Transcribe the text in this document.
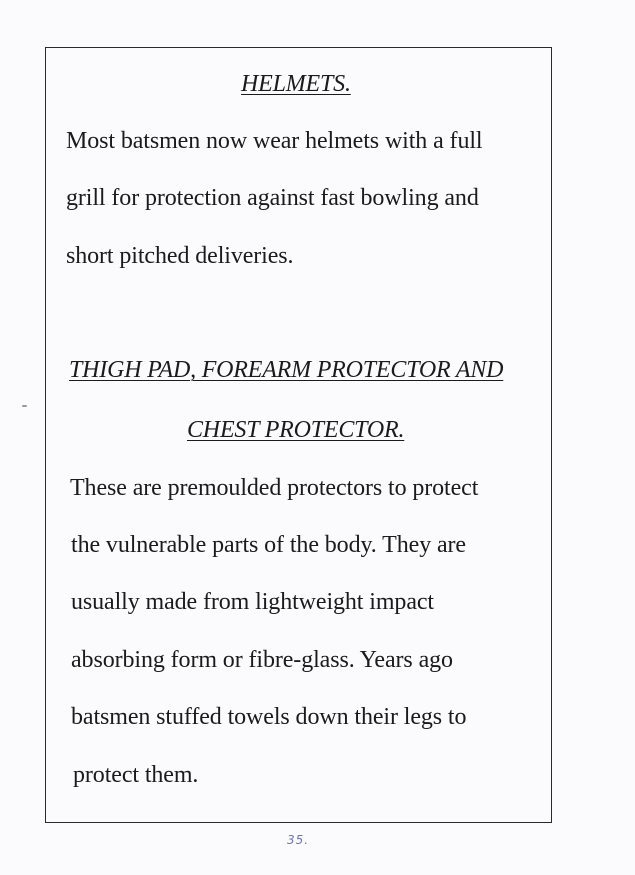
HELMETS.
Most batsmen now wear helmets with a full
grill for protection against fast bowling and
short pitched deliveries.
THIGH PAD, FOREARM PROTECTOR AND
CHEST PROTECTOR.
These are premoulded protectors to protect
the vulnerable parts of the body. They are
usually made from lightweight impact
absorbing form or fibre-glass. Years ago
batsmen stuffed towels down their legs to
protect them.
35.
